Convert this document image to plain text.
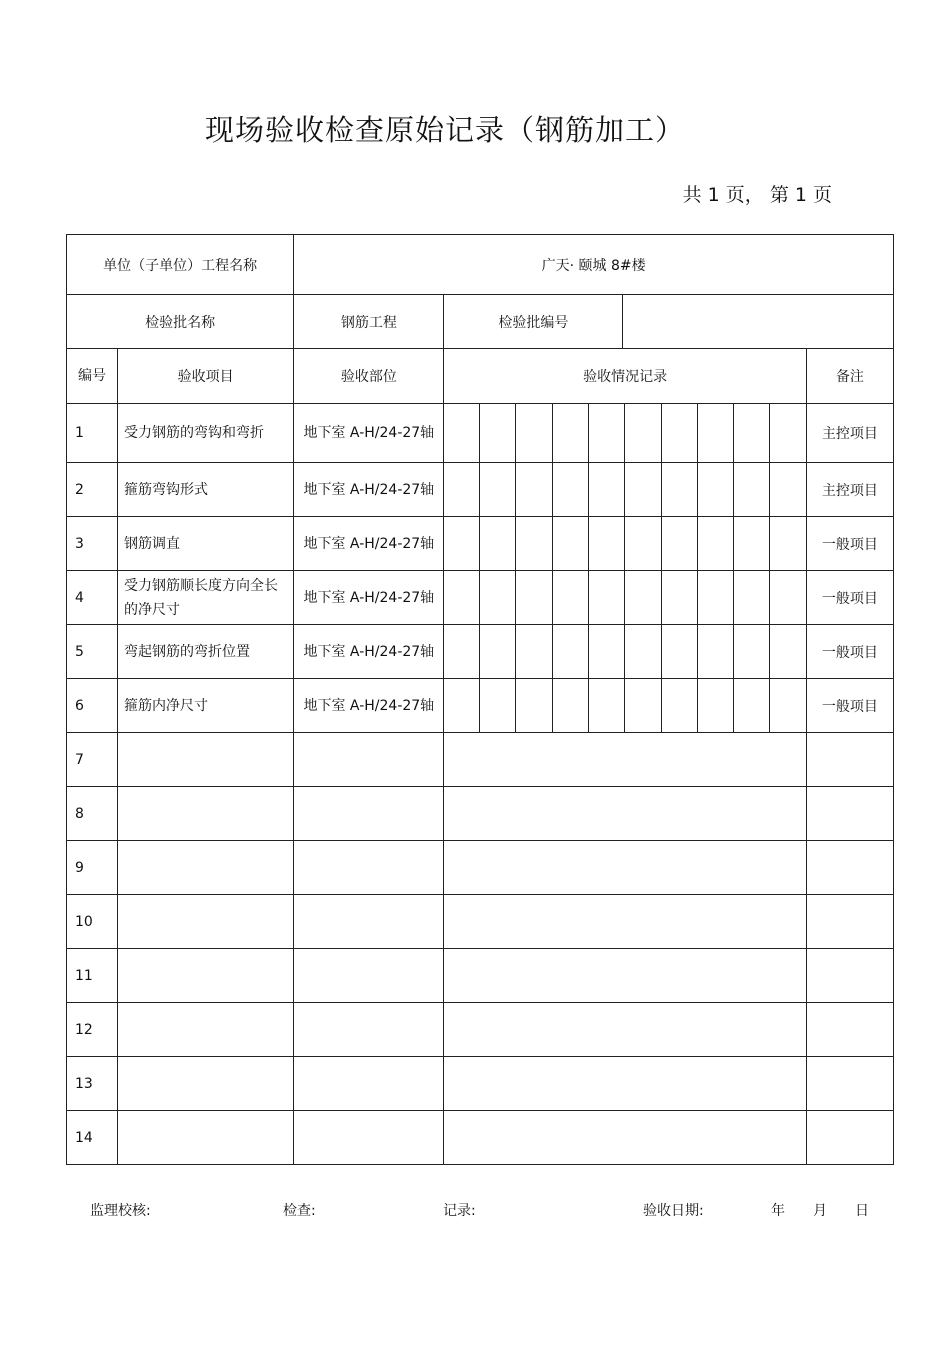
现场验收检查原始记录（钢筋加工）
共 1 页， 第 1 页
单位（子单位）工程名称	广天· 颐城 8#楼
检验批名称	钢筋工程		检验批编号	

编号	验收项目	验收部位	验收情况记录	备注
1	受力钢筋的弯钩和弯折	地下室 A-H/24-27轴											主控项目
2	箍筋弯钩形式	地下室 A-H/24-27轴											主控项目
3	钢筋调直	地下室 A-H/24-27轴											一般项目
4	受力钢筋顺长度方向全长的净尺寸	地下室 A-H/24-27轴											一般项目
5	弯起钢筋的弯折位置	地下室 A-H/24-27轴											一般项目
6	箍筋内净尺寸	地下室 A-H/24-27轴											一般项目
7				
8				
9				
10				
11				
12				
13				
14				
监理校核:	检查:	记录:	验收日期:	年 月 日
